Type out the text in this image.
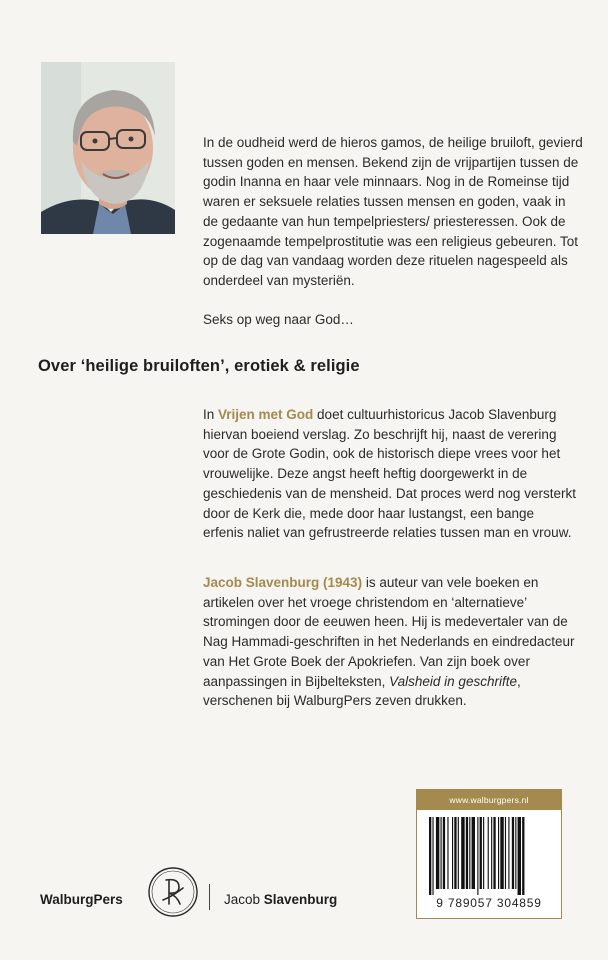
In de oudheid werd de hieros gamos, de heilige bruiloft, gevierd tussen goden en mensen. Bekend zijn de vrijpartijen tussen de godin Inanna en haar vele minnaars. Nog in de Romeinse tijd waren er seksuele relaties tussen mensen en goden, vaak in de gedaante van hun tempelpriesters/ priesteressen. Ook de zogenaamde tempelprostitutie was een religieus gebeuren. Tot op de dag van vandaag worden deze rituelen nagespeeld als onderdeel van mysteriën.

Seks op weg naar God…

Over ‘heilige bruiloften’, erotiek & religie

In Vrijen met God doet cultuurhistoricus Jacob Slavenburg hiervan boeiend verslag. Zo beschrijft hij, naast de verering voor de Grote Godin, ook de historisch diepe vrees voor het vrouwelijke. Deze angst heeft heftig doorgewerkt in de geschiedenis van de mensheid. Dat proces werd nog versterkt door de Kerk die, mede door haar lustangst, een bange erfenis naliet van gefrustreerde relaties tussen man en vrouw.

Jacob Slavenburg (1943) is auteur van vele boeken en artikelen over het vroege christendom en ‘alternatieve’ stromingen door de eeuwen heen. Hij is medevertaler van de Nag Hammadi-geschriften in het Nederlands en eindredacteur van Het Grote Boek der Apokriefen. Van zijn boek over aanpassingen in Bijbelteksten, Valsheid in geschrifte, verschenen bij WalburgPers zeven drukken.

www.walburgpers.nl
9 789057 304859

WalburgPers	Jacob Slavenburg
